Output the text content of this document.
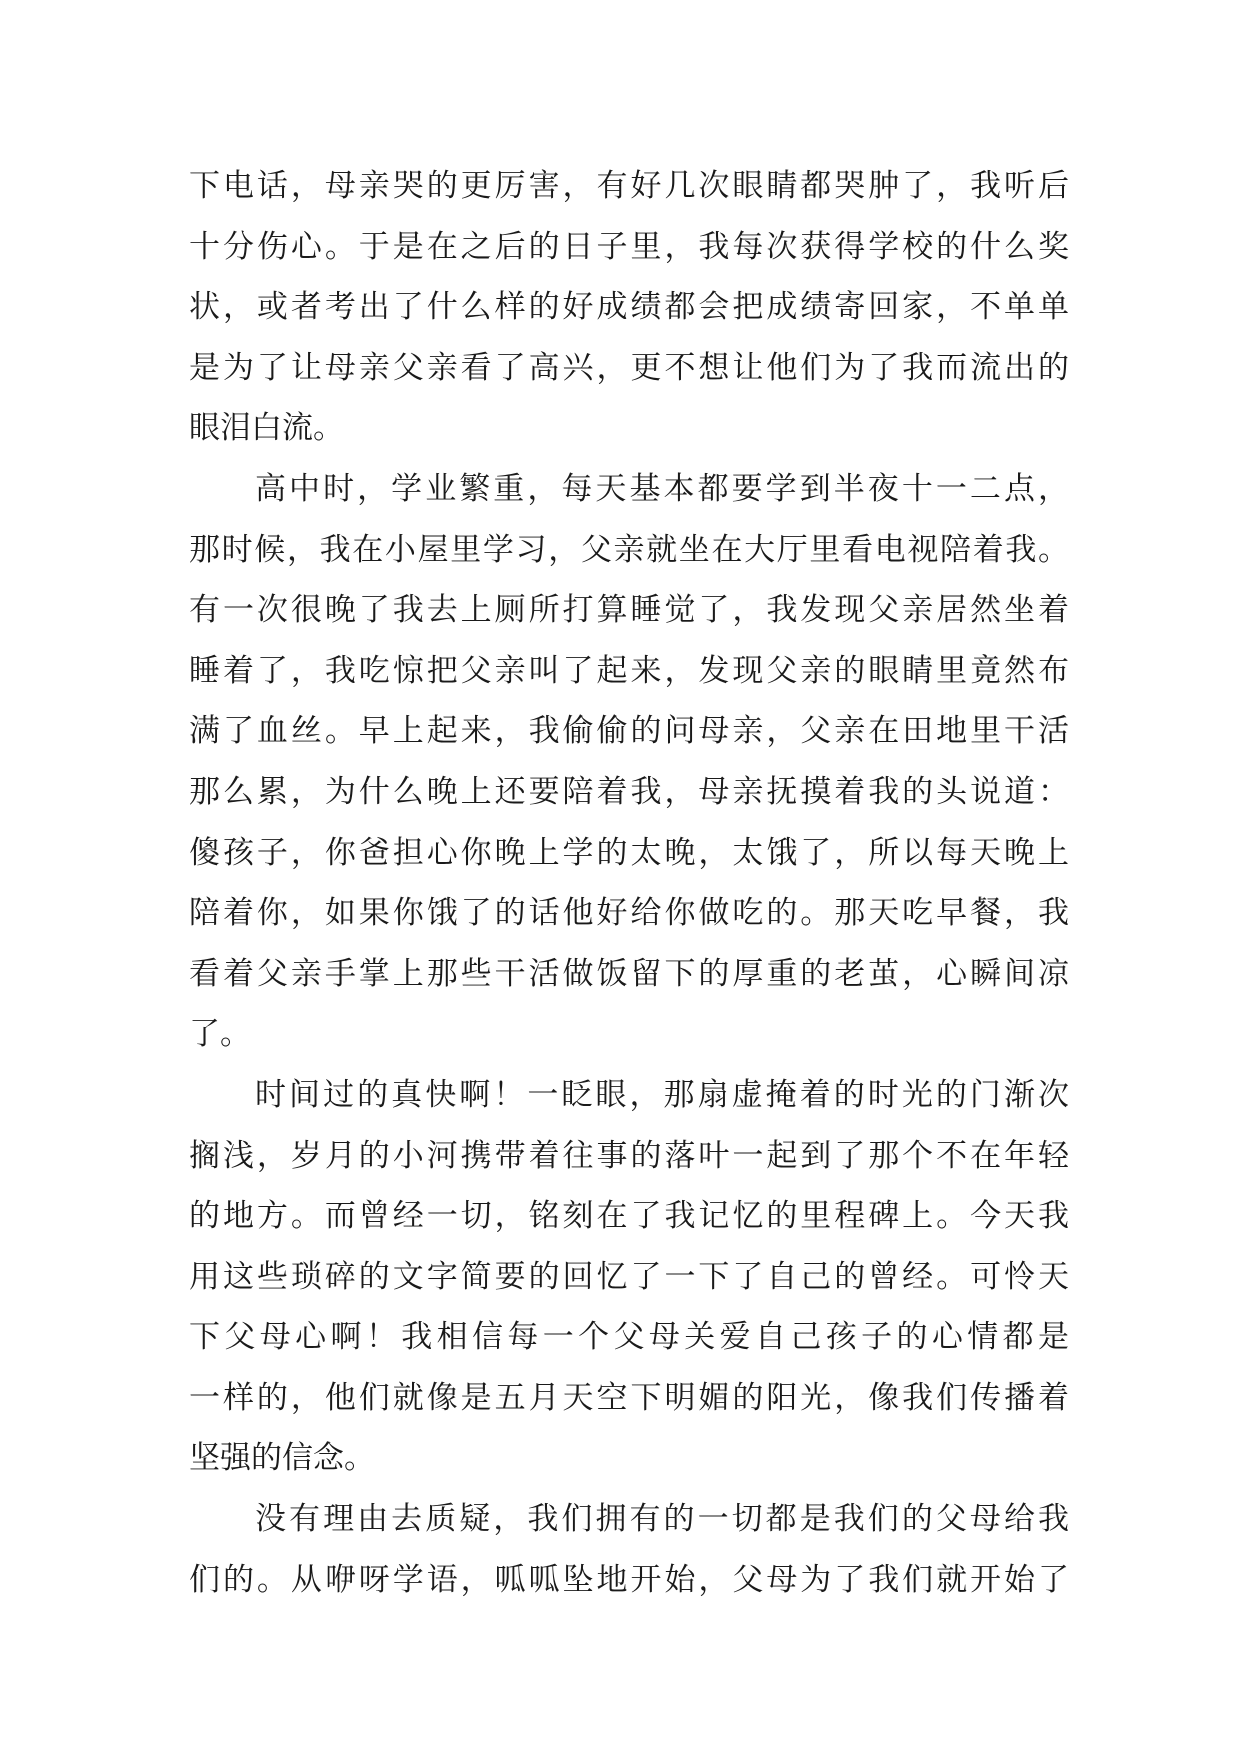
下电话，母亲哭的更厉害，有好几次眼睛都哭肿了，我听后
十分伤心。于是在之后的日子里，我每次获得学校的什么奖
状，或者考出了什么样的好成绩都会把成绩寄回家，不单单
是为了让母亲父亲看了高兴，更不想让他们为了我而流出的
眼泪白流。
高中时，学业繁重，每天基本都要学到半夜十一二点，
那时候，我在小屋里学习，父亲就坐在大厅里看电视陪着我。
有一次很晚了我去上厕所打算睡觉了，我发现父亲居然坐着
睡着了，我吃惊把父亲叫了起来，发现父亲的眼睛里竟然布
满了血丝。早上起来，我偷偷的问母亲，父亲在田地里干活
那么累，为什么晚上还要陪着我，母亲抚摸着我的头说道：
傻孩子，你爸担心你晚上学的太晚，太饿了，所以每天晚上
陪着你，如果你饿了的话他好给你做吃的。那天吃早餐，我
看着父亲手掌上那些干活做饭留下的厚重的老茧，心瞬间凉
了。
时间过的真快啊！一眨眼，那扇虚掩着的时光的门渐次
搁浅，岁月的小河携带着往事的落叶一起到了那个不在年轻
的地方。而曾经一切，铭刻在了我记忆的里程碑上。今天我
用这些琐碎的文字简要的回忆了一下了自己的曾经。可怜天
下父母心啊！我相信每一个父母关爱自己孩子的心情都是
一样的，他们就像是五月天空下明媚的阳光，像我们传播着
坚强的信念。
没有理由去质疑，我们拥有的一切都是我们的父母给我
们的。从咿呀学语，呱呱坠地开始，父母为了我们就开始了
